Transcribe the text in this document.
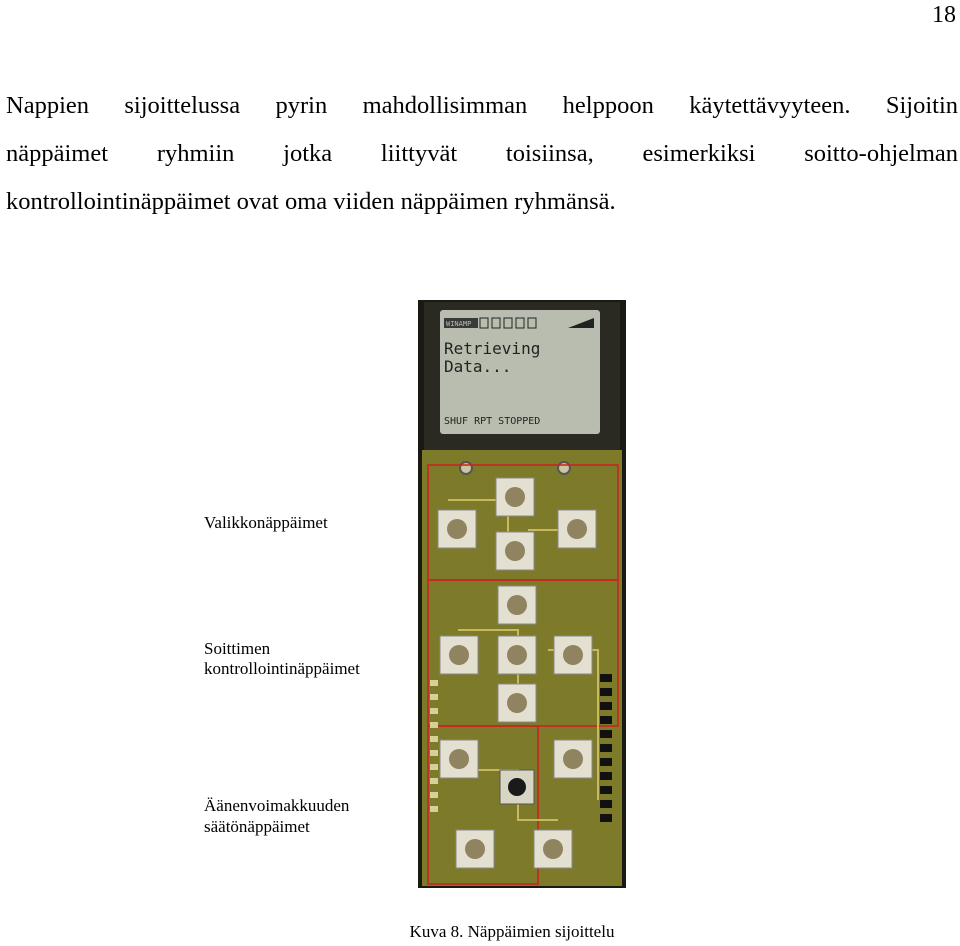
18

Nappien sijoittelussa pyrin mahdollisimman helppoon käytettävyyteen. Sijoitin
näppäimet ryhmiin jotka liittyvät toisiinsa, esimerkiksi soitto-ohjelman
kontrollointinäppäimet ovat oma viiden näppäimen ryhmänsä.

WINAMP
Retrieving
Data...
SHUF RPT STOPPED
Valikkonäppäimet
Soittimen
kontrollointinäppäimet
Äänenvoimakkuuden
säätönäppäimet
Kuva 8. Näppäimien sijoittelu
